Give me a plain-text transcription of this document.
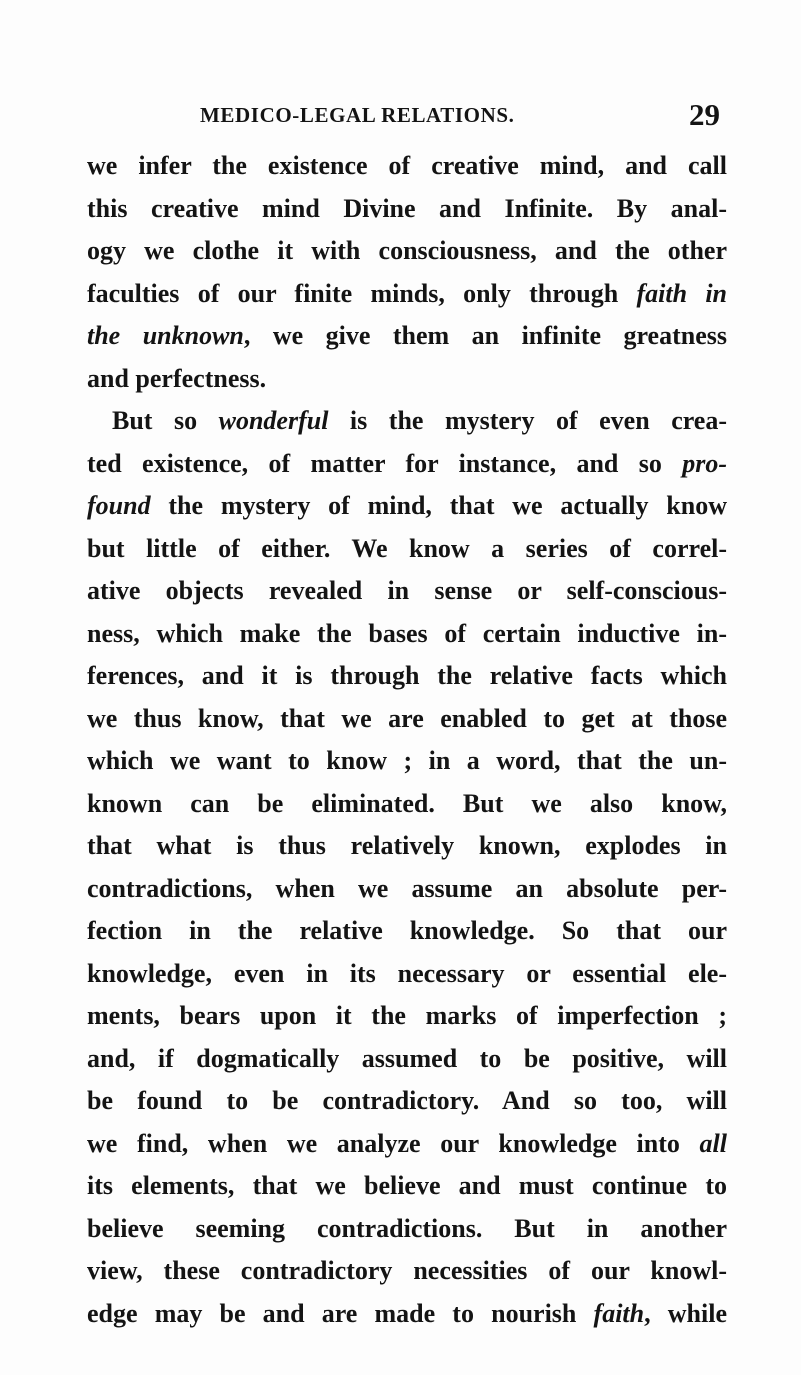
MEDICO-LEGAL RELATIONS.	29
we infer the existence of creative mind, and call
this creative mind Divine and Infinite. By anal-
ogy we clothe it with consciousness, and the other
faculties of our finite minds, only through faith in
the unknown, we give them an infinite greatness
and perfectness.
But so wonderful is the mystery of even crea-
ted existence, of matter for instance, and so pro-
found the mystery of mind, that we actually know
but little of either. We know a series of correl-
ative objects revealed in sense or self-conscious-
ness, which make the bases of certain inductive in-
ferences, and it is through the relative facts which
we thus know, that we are enabled to get at those
which we want to know ; in a word, that the un-
known can be eliminated. But we also know,
that what is thus relatively known, explodes in
contradictions, when we assume an absolute per-
fection in the relative knowledge. So that our
knowledge, even in its necessary or essential ele-
ments, bears upon it the marks of imperfection ;
and, if dogmatically assumed to be positive, will
be found to be contradictory. And so too, will
we find, when we analyze our knowledge into all
its elements, that we believe and must continue to
believe seeming contradictions. But in another
view, these contradictory necessities of our knowl-
edge may be and are made to nourish faith, while
